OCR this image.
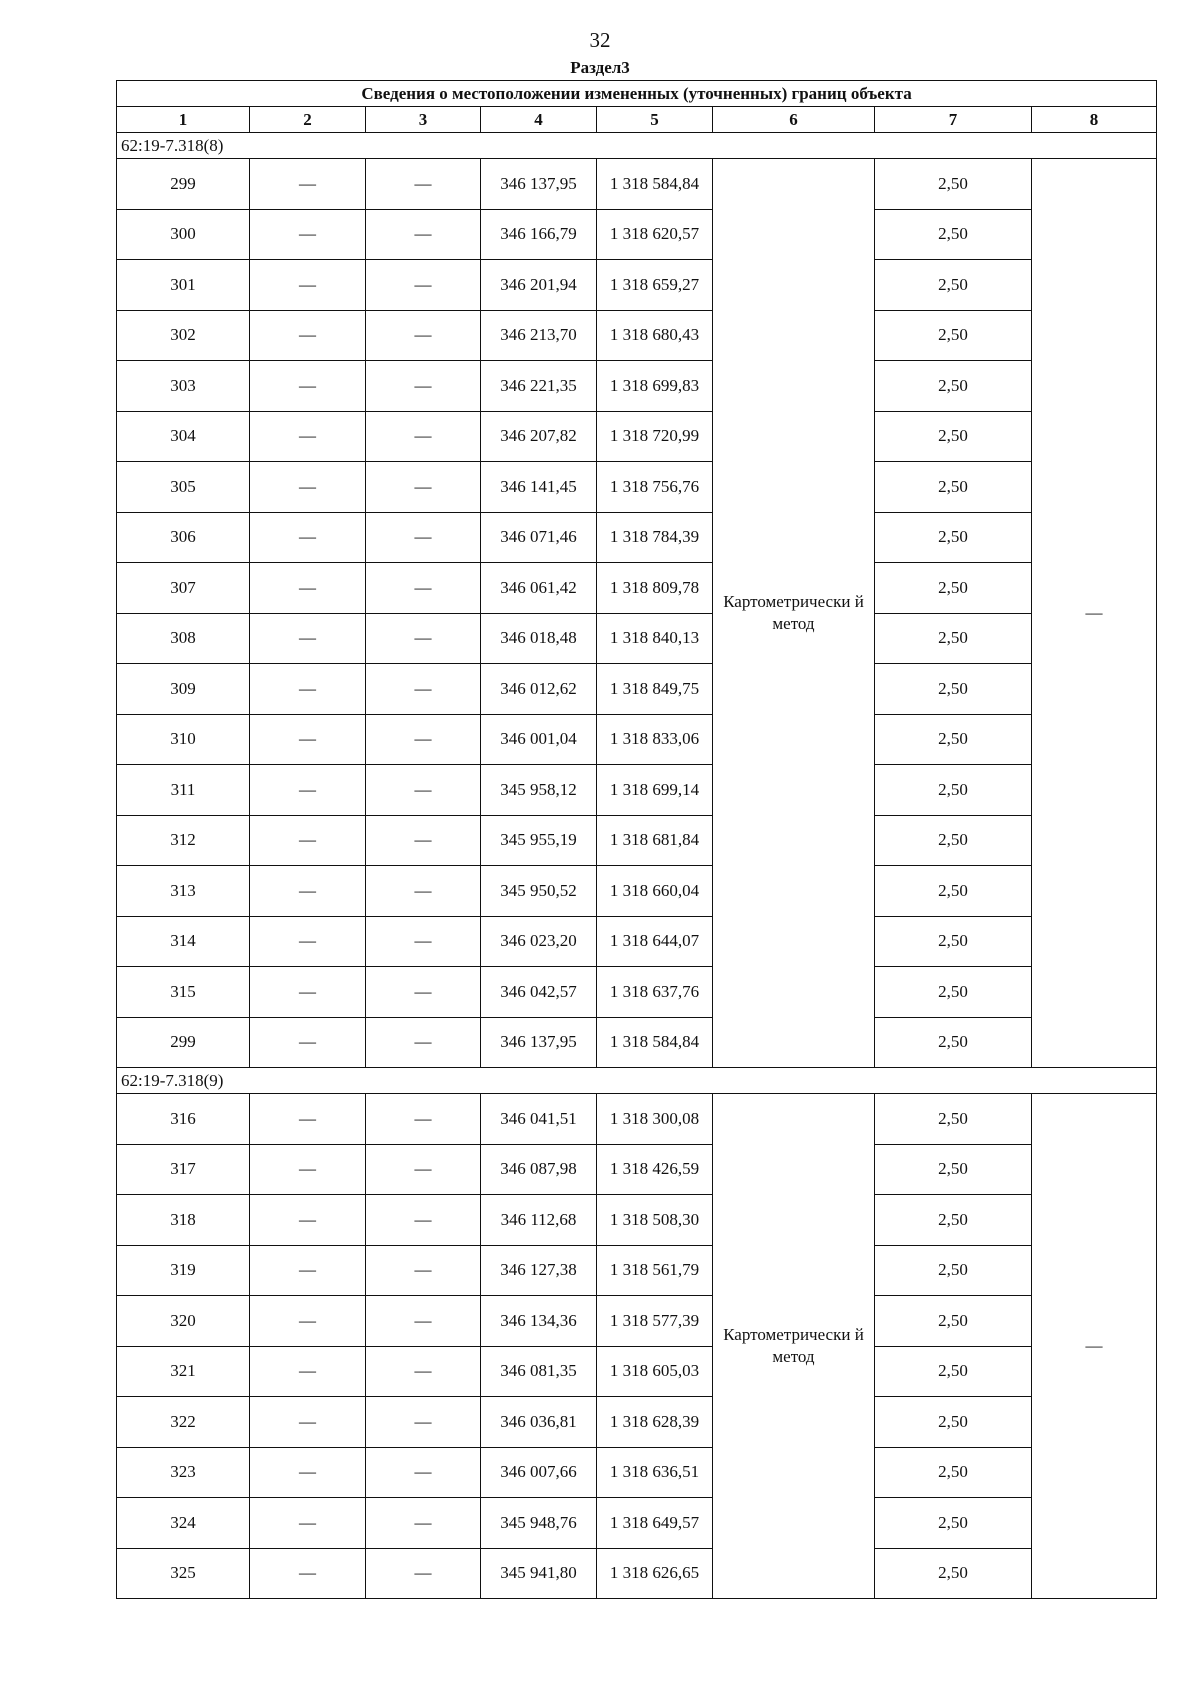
32
Раздел3
Сведения о местоположении измененных (уточненных) границ объекта							
1	2	3	4	5	6	7	8
62:19-7.318(8)							
299	—	—	346 137,95	1 318 584,84	Картометрически й метод	2,50	—
300	—	—	346 166,79	1 318 620,57		2,50	
301	—	—	346 201,94	1 318 659,27		2,50	
302	—	—	346 213,70	1 318 680,43		2,50	
303	—	—	346 221,35	1 318 699,83		2,50	
304	—	—	346 207,82	1 318 720,99		2,50	
305	—	—	346 141,45	1 318 756,76		2,50	
306	—	—	346 071,46	1 318 784,39		2,50	
307	—	—	346 061,42	1 318 809,78		2,50	
308	—	—	346 018,48	1 318 840,13		2,50	
309	—	—	346 012,62	1 318 849,75		2,50	
310	—	—	346 001,04	1 318 833,06		2,50	
311	—	—	345 958,12	1 318 699,14		2,50	
312	—	—	345 955,19	1 318 681,84		2,50	
313	—	—	345 950,52	1 318 660,04		2,50	
314	—	—	346 023,20	1 318 644,07		2,50	
315	—	—	346 042,57	1 318 637,76		2,50	
299	—	—	346 137,95	1 318 584,84		2,50	
62:19-7.318(9)							
316	—	—	346 041,51	1 318 300,08	Картометрически й метод	2,50	—
317	—	—	346 087,98	1 318 426,59		2,50	
318	—	—	346 112,68	1 318 508,30		2,50	
319	—	—	346 127,38	1 318 561,79		2,50	
320	—	—	346 134,36	1 318 577,39		2,50	
321	—	—	346 081,35	1 318 605,03		2,50	
322	—	—	346 036,81	1 318 628,39		2,50	
323	—	—	346 007,66	1 318 636,51		2,50	
324	—	—	345 948,76	1 318 649,57		2,50	
325	—	—	345 941,80	1 318 626,65		2,50	
